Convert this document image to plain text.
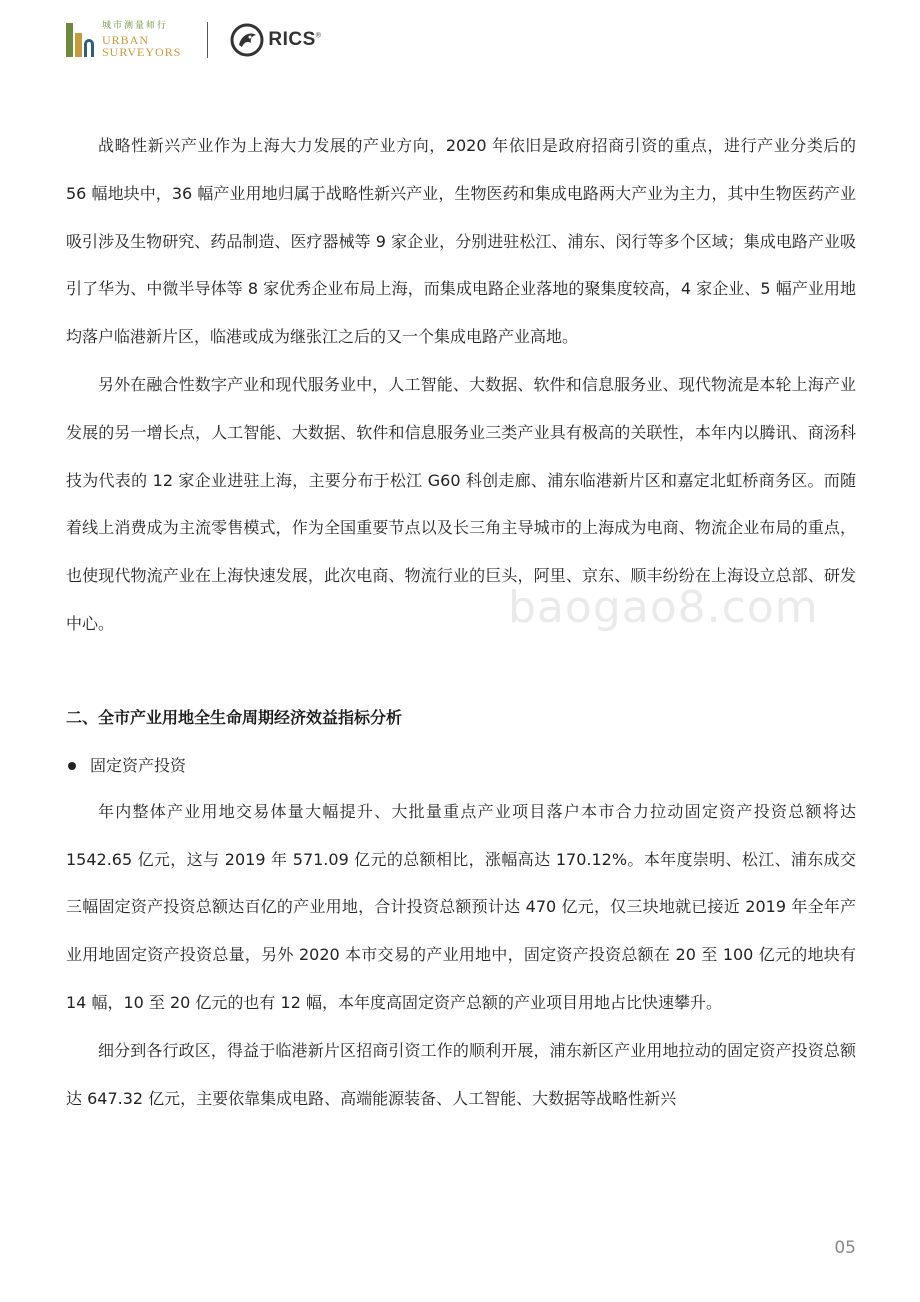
城市测量师行
URBAN
SURVEYORS
RICS®

战略性新兴产业作为上海大力发展的产业方向，2020 年依旧是政府招商引资的重点，进行产业分类后的 56 幅地块中，36 幅产业用地归属于战略性新兴产业，生物医药和集成电路两大产业为主力，其中生物医药产业吸引涉及生物研究、药品制造、医疗器械等 9 家企业，分别进驻松江、浦东、闵行等多个区域；集成电路产业吸引了华为、中微半导体等 8 家优秀企业布局上海，而集成电路企业落地的聚集度较高，4 家企业、5 幅产业用地均落户临港新片区，临港或成为继张江之后的又一个集成电路产业高地。

另外在融合性数字产业和现代服务业中，人工智能、大数据、软件和信息服务业、现代物流是本轮上海产业发展的另一增长点，人工智能、大数据、软件和信息服务业三类产业具有极高的关联性，本年内以腾讯、商汤科技为代表的 12 家企业进驻上海，主要分布于松江 G60 科创走廊、浦东临港新片区和嘉定北虹桥商务区。而随着线上消费成为主流零售模式，作为全国重要节点以及长三角主导城市的上海成为电商、物流企业布局的重点，也使现代物流产业在上海快速发展，此次电商、物流行业的巨头，阿里、京东、顺丰纷纷在上海设立总部、研发中心。

二、全市产业用地全生命周期经济效益指标分析
固定资产投资

年内整体产业用地交易体量大幅提升、大批量重点产业项目落户本市合力拉动固定资产投资总额将达 1542.65 亿元，这与 2019 年 571.09 亿元的总额相比，涨幅高达 170.12%。本年度崇明、松江、浦东成交三幅固定资产投资总额达百亿的产业用地，合计投资总额预计达 470 亿元，仅三块地就已接近 2019 年全年产业用地固定资产投资总量，另外 2020 本市交易的产业用地中，固定资产投资总额在 20 至 100 亿元的地块有 14 幅，10 至 20 亿元的也有 12 幅，本年度高固定资产总额的产业项目用地占比快速攀升。

细分到各行政区，得益于临港新片区招商引资工作的顺利开展，浦东新区产业用地拉动的固定资产投资总额达 647.32 亿元，主要依靠集成电路、高端能源装备、人工智能、大数据等战略性新兴

baogao8.com
05
